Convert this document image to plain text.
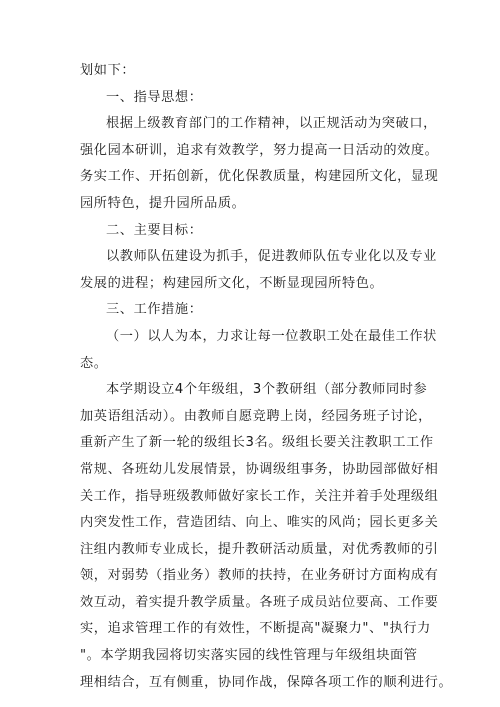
划如下：
一、指导思想：
根据上级教育部门的工作精神，以正规活动为突破口，
强化园本研训，追求有效教学，努力提高一日活动的效度。
务实工作、开拓创新，优化保教质量，构建园所文化，显现
园所特色，提升园所品质。
二、主要目标：
以教师队伍建设为抓手，促进教师队伍专业化以及专业
发展的进程；构建园所文化，不断显现园所特色。
三、工作措施：
（一）以人为本，力求让每一位教职工处在最佳工作状
态。
本学期设立4个年级组，3个教研组（部分教师同时参
加英语组活动）。由教师自愿竞聘上岗，经园务班子讨论，
重新产生了新一轮的级组长3名。级组长要关注教职工工作
常规、各班幼儿发展情景，协调级组事务，协助园部做好相
关工作，指导班级教师做好家长工作，关注并着手处理级组
内突发性工作，营造团结、向上、唯实的风尚；园长更多关
注组内教师专业成长，提升教研活动质量，对优秀教师的引
领，对弱势（指业务）教师的扶持，在业务研讨方面构成有
效互动，着实提升教学质量。各班子成员站位要高、工作要
实，追求管理工作的有效性，不断提高"凝聚力"、"执行力
"。本学期我园将切实落实园的线性管理与年级组块面管
理相结合，互有侧重，协同作战，保障各项工作的顺利进行。
